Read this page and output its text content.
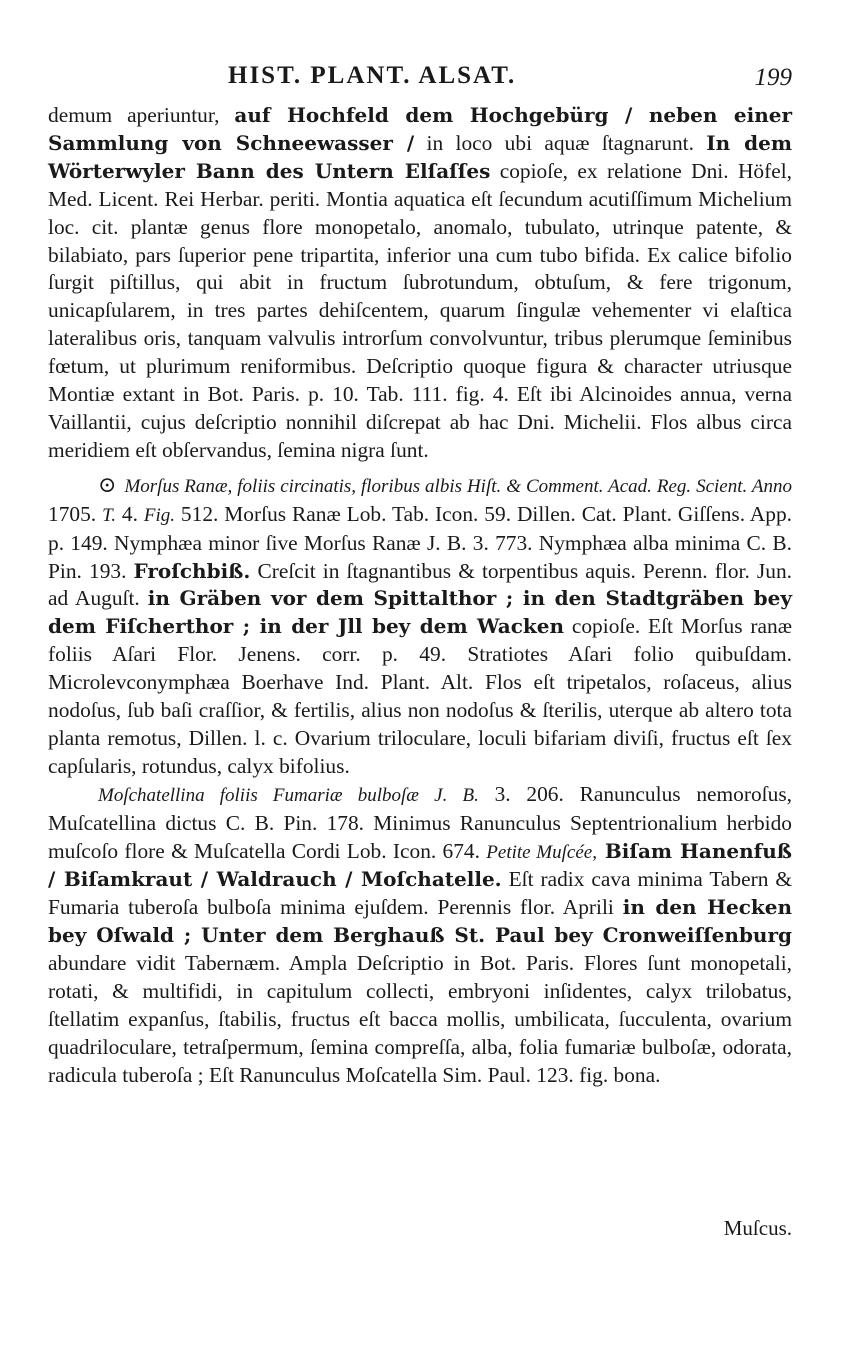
HIST. PLANT. ALSAT.	199

demum aperiuntur, auf Hochfeld dem Hochgebürg / neben einer Sammlung von Schneewasser / in loco ubi aquæ ſtagnarunt. In dem Wörterwyler Bann des Untern Elſaſſes copioſe, ex relatione Dni. Höfel, Med. Licent. Rei Herbar. periti. Montia aquatica eſt ſecundum acutiſſimum Michelium loc. cit. plantæ genus flore monopetalo, anomalo, tubulato, utrinque patente, & bilabiato, pars ſuperior pene tripartita, inferior una cum tubo bifida. Ex calice bifolio ſurgit piſtillus, qui abit in fructum ſubrotundum, obtuſum, & fere trigonum, unicapſularem, in tres partes dehiſcentem, quarum ſingulæ vehementer vi elaſtica lateralibus oris, tanquam valvulis introrſum convolvuntur, tribus plerumque ſeminibus fœtum, ut plurimum reniformibus. Deſcriptio quoque figura & character utriusque Montiæ extant in Bot. Paris. p. 10. Tab. 111. fig. 4. Eſt ibi Alcinoides annua, verna Vaillantii, cujus deſcriptio nonnihil diſcrepat ab hac Dni. Michelii. Flos albus circa meridiem eſt obſervandus, ſemina nigra ſunt.

⊙ Morſus Ranæ, foliis circinatis, floribus albis Hiſt. & Comment. Acad. Reg. Scient. Anno 1705. T. 4. Fig. 512. Morſus Ranæ Lob. Tab. Icon. 59. Dillen. Cat. Plant. Giſſens. App. p. 149. Nymphæa minor ſive Morſus Ranæ J. B. 3. 773. Nymphæa alba minima C. B. Pin. 193. Froſchbiß. Creſcit in ſtagnantibus & torpentibus aquis. Perenn. flor. Jun. ad Auguſt. in Gräben vor dem Spittalthor ; in den Stadtgräben bey dem Fiſcherthor ; in der Jll bey dem Wacken copioſe. Eſt Morſus ranæ foliis Aſari Flor. Jenens. corr. p. 49. Stratiotes Aſari folio quibuſdam. Microlevconymphæa Boerhave Ind. Plant. Alt. Flos eſt tripetalos, roſaceus, alius nodoſus, ſub baſi craſſior, & fertilis, alius non nodoſus & ſterilis, uterque ab altero tota planta remotus, Dillen. l. c. Ovarium triloculare, loculi bifariam diviſi, fructus eſt ſex capſularis, rotundus, calyx bifolius.

Moſchatellina foliis Fumariæ bulboſæ J. B. 3. 206. Ranunculus nemoroſus, Muſcatellina dictus C. B. Pin. 178. Minimus Ranunculus Septentrionalium herbido muſcoſo flore & Muſcatella Cordi Lob. Icon. 674. Petite Muſcée, Biſam Hanenfuß / Biſamkraut / Waldrauch / Moſchatelle. Eſt radix cava minima Tabern & Fumaria tuberoſa bulboſa minima ejuſdem. Perennis flor. Aprili in den Hecken bey Oſwald ; Unter dem Berghauß St. Paul bey Cronweiſſenburg abundare vidit Tabernæm. Ampla Deſcriptio in Bot. Paris. Flores ſunt monopetali, rotati, & multifidi, in capitulum collecti, embryoni inſidentes, calyx trilobatus, ſtellatim expanſus, ſtabilis, fructus eſt bacca mollis, umbilicata, ſucculenta, ovarium quadriloculare, tetraſpermum, ſemina compreſſa, alba, folia fumariæ bulboſæ, odorata, radicula tuberoſa ; Eſt Ranunculus Moſcatella Sim. Paul. 123. fig. bona.

Muſcus.
